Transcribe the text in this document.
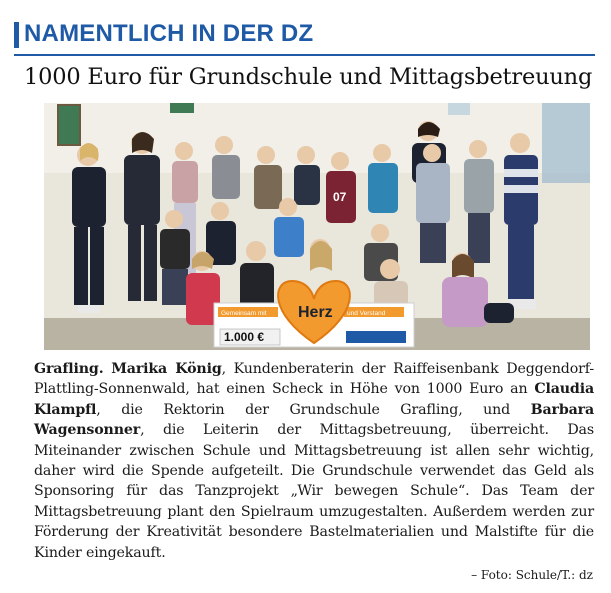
NAMENTLICH IN DER DZ
1000 Euro für Grundschule und Mittagsbetreuung
07
Gemeinsam mit	und Verstand
Herz
1.000 €
Grafling. Marika König, Kundenberaterin der Raiffeisenbank Deggendorf-Plattling-Sonnenwald, hat einen Scheck in Höhe von 1000 Euro an Claudia Klampfl, die Rektorin der Grundschule Grafling, und Barbara Wagensonner, die Leiterin der Mittagsbetreuung, überreicht. Das Miteinander zwischen Schule und Mittagsbetreuung ist allen sehr wichtig, daher wird die Spende aufgeteilt. Die Grundschule verwendet das Geld als Sponsoring für das Tanzprojekt „Wir bewegen Schule“. Das Team der Mittagsbetreuung plant den Spielraum umzugestalten. Außerdem werden zur Förderung der Kreativität besondere Bastelmaterialien und Malstifte für die Kinder eingekauft.
– Foto: Schule/T.: dz
